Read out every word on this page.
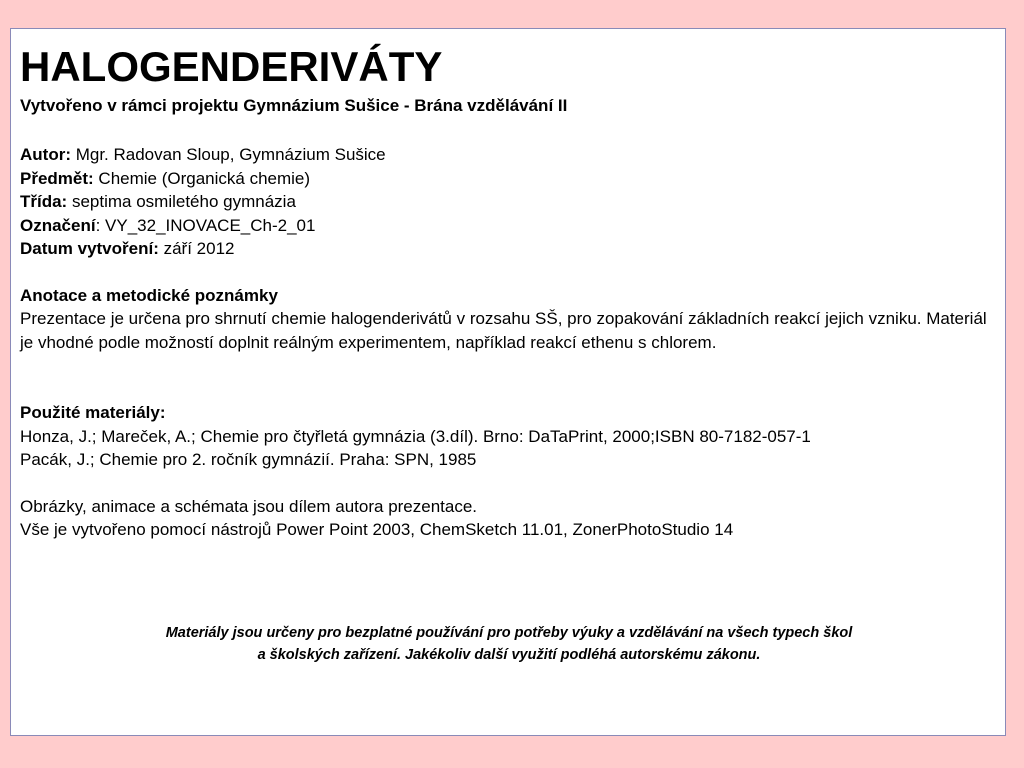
HALOGENDERIVÁTY
Vytvořeno v rámci projektu Gymnázium Sušice - Brána vzdělávání II
Autor: Mgr. Radovan Sloup, Gymnázium Sušice
Předmět: Chemie (Organická chemie)
Třída: septima osmiletého gymnázia
Označení: VY_32_INOVACE_Ch-2_01
Datum vytvoření: září 2012
Anotace a metodické poznámky
Prezentace je určena pro shrnutí chemie halogenderivátů v rozsahu SŠ, pro zopakování základních reakcí jejich vzniku. Materiál je vhodné podle možností doplnit reálným experimentem, například reakcí ethenu s chlorem.
Použité materiály:
Honza, J.; Mareček, A.; Chemie pro čtyřletá gymnázia (3.díl). Brno: DaTaPrint, 2000;ISBN 80-7182-057-1
Pacák, J.; Chemie pro 2. ročník gymnázií. Praha: SPN, 1985
Obrázky, animace a schémata jsou dílem autora prezentace.
Vše je vytvořeno pomocí nástrojů Power Point 2003, ChemSketch 11.01, ZonerPhotoStudio 14
Materiály jsou určeny pro bezplatné používání pro potřeby výuky a vzdělávání na všech typech škol
a školských zařízení. Jakékoliv další využití podléhá autorskému zákonu.
